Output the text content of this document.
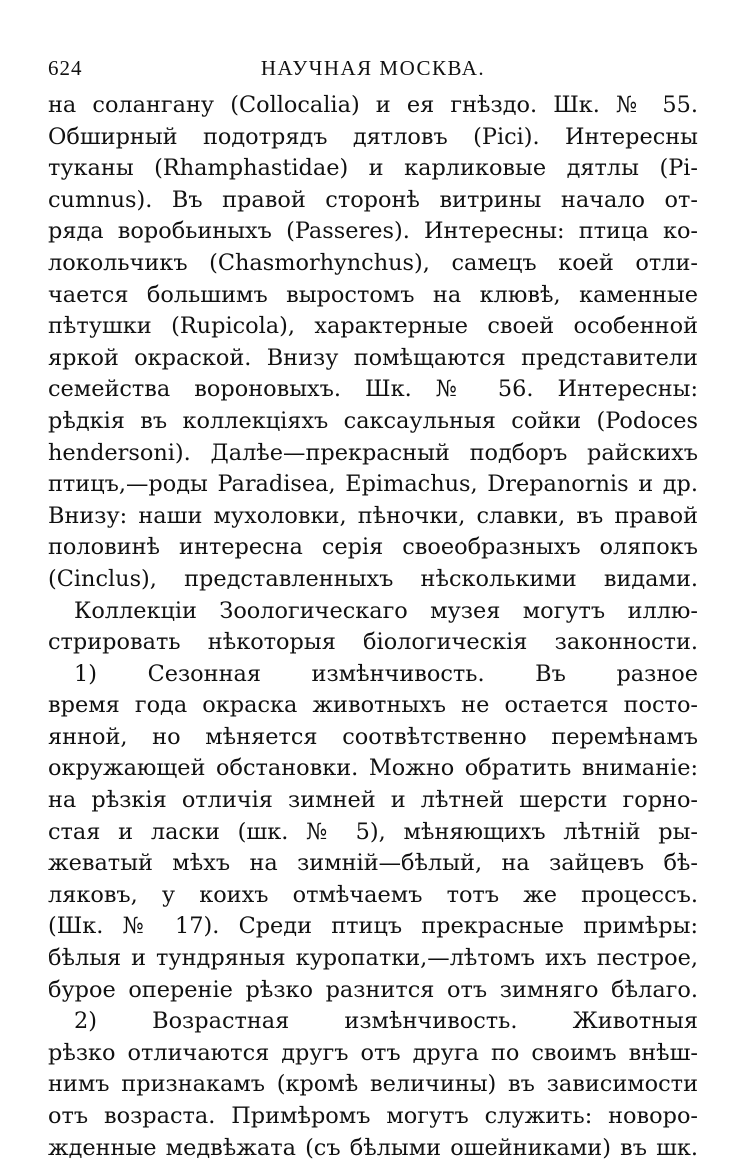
624	НАУЧНАЯ МОСКВА.
на солангану (Collocalia) и ея гнѣздо. Шк. № 55.
Обширный подотрядъ дятловъ (Pici). Интересны
туканы (Rhamphastidae) и карликовые дятлы (Pi-
cumnus). Въ правой сторонѣ витрины начало от-
ряда воробьиныхъ (Passeres). Интересны: птица ко-
локольчикъ (Chasmorhynchus), самецъ коей отли-
чается большимъ выростомъ на клювѣ, каменные
пѣтушки (Rupicola), характерные своей особенной
яркой окраской. Внизу помѣщаются представители
семейства вороновыхъ. Шк. № 56. Интересны:
рѣдкія въ коллекціяхъ саксаульныя сойки (Podoces
hendersoni). Далѣе—прекрасный подборъ райскихъ
птицъ,—роды Paradisea, Epimachus, Drepanornis и др.
Внизу: наши мухоловки, пѣночки, славки, въ правой
половинѣ интересна серія своеобразныхъ оляпокъ
(Cinclus), представленныхъ нѣсколькими видами.
Коллекціи Зоологическаго музея могутъ иллю-
стрировать нѣкоторыя біологическія законности.
1) Сезонная измѣнчивость. Въ разное
время года окраска животныхъ не остается посто-
янной, но мѣняется соотвѣтственно перемѣнамъ
окружающей обстановки. Можно обратить вниманіе:
на рѣзкія отличія зимней и лѣтней шерсти горно-
стая и ласки (шк. № 5), мѣняющихъ лѣтній ры-
жеватый мѣхъ на зимній—бѣлый, на зайцевъ бѣ-
ляковъ, у коихъ отмѣчаемъ тотъ же процессъ.
(Шк. № 17). Среди птицъ прекрасные примѣры:
бѣлыя и тундряныя куропатки,—лѣтомъ ихъ пестрое,
бурое опереніе рѣзко разнится отъ зимняго бѣлаго.
2) Возрастная измѣнчивость. Животныя
рѣзко отличаются другъ отъ друга по своимъ внѣш-
нимъ признакамъ (кромѣ величины) въ зависимости
отъ возраста. Примѣромъ могутъ служить: новоро-
жденные медвѣжата (съ бѣлыми ошейниками) въ шк.
